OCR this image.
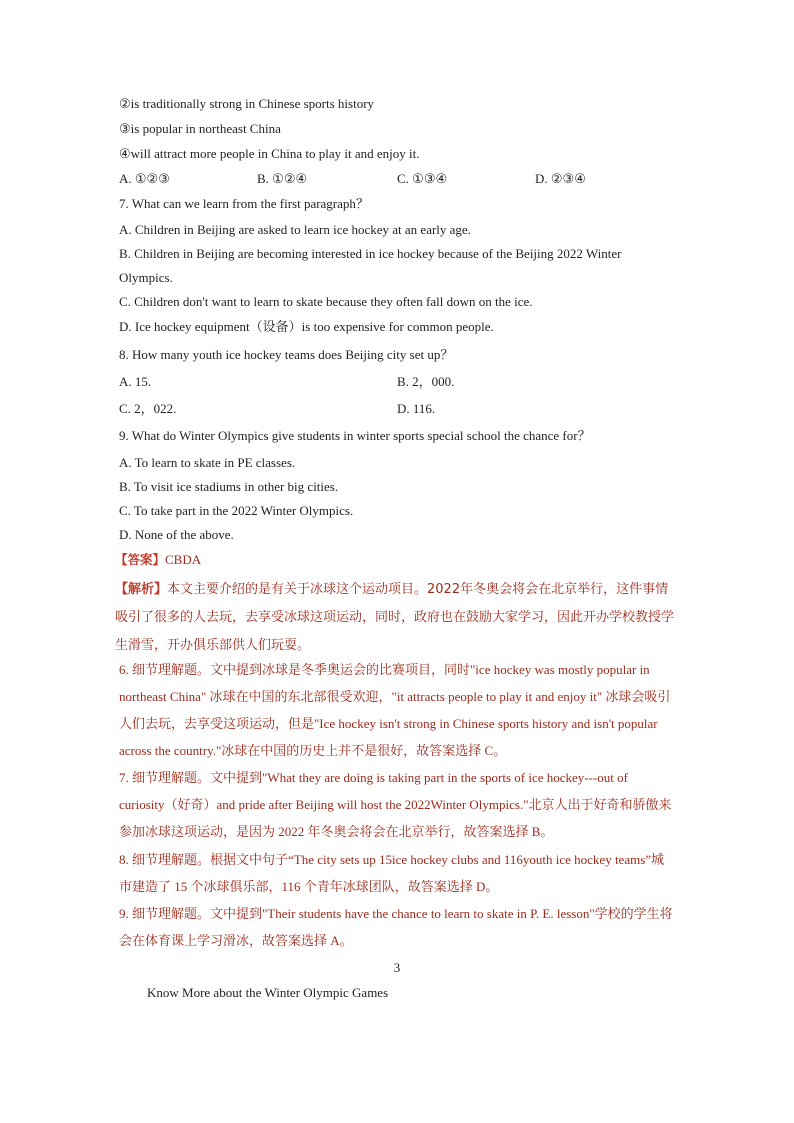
②is traditionally strong in Chinese sports history
③is popular in northeast China
④will attract more people in China to play it and enjoy it.
A. ①②③	B. ①②④	C. ①③④	D. ②③④
7. What can we learn from the first paragraph？
A. Children in Beijing are asked to learn ice hockey at an early age.
B. Children in Beijing are becoming interested in ice hockey because of the Beijing 2022 Winter
Olympics.
C. Children don't want to learn to skate because they often fall down on the ice.
D. Ice hockey equipment（设备）is too expensive for common people.
8. How many youth ice hockey teams does Beijing city set up？
A. 15.	B. 2，000.
C. 2，022.	D. 116.
9. What do Winter Olympics give students in winter sports special school the chance for？
A. To learn to skate in PE classes.
B. To visit ice stadiums in other big cities.
C. To take part in the 2022 Winter Olympics.
D. None of the above.
【答案】CBDA
【解析】本文主要介绍的是有关于冰球这个运动项目。2022年冬奥会将会在北京举行，这件事情吸引了很多的人去玩，去享受冰球这项运动，同时，政府也在鼓励大家学习，因此开办学校教授学生滑雪，开办俱乐部供人们玩耍。
6. 细节理解题。文中提到冰球是冬季奥运会的比赛项目，同时"ice hockey was mostly popular in northeast China" 冰球在中国的东北部很受欢迎，"it attracts people to play it and enjoy it" 冰球会吸引人们去玩，去享受这项运动，但是"Ice hockey isn't strong in Chinese sports history and isn't popular across the country."冰球在中国的历史上并不是很好，故答案选择 C。
7. 细节理解题。文中提到"What they are doing is taking part in the sports of ice hockey---out of curiosity（好奇）and pride after Beijing will host the 2022Winter Olympics."北京人出于好奇和骄傲来参加冰球这项运动，是因为 2022 年冬奥会将会在北京举行，故答案选择 B。
8. 细节理解题。根据文中句子“The city sets up 15ice hockey clubs and 116youth ice hockey teams”城市建造了 15 个冰球俱乐部，116 个青年冰球团队，故答案选择 D。
9. 细节理解题。文中提到"Their students have the chance to learn to skate in P. E. lesson"学校的学生将会在体育课上学习滑冰，故答案选择 A。
3
Know More about the Winter Olympic Games
